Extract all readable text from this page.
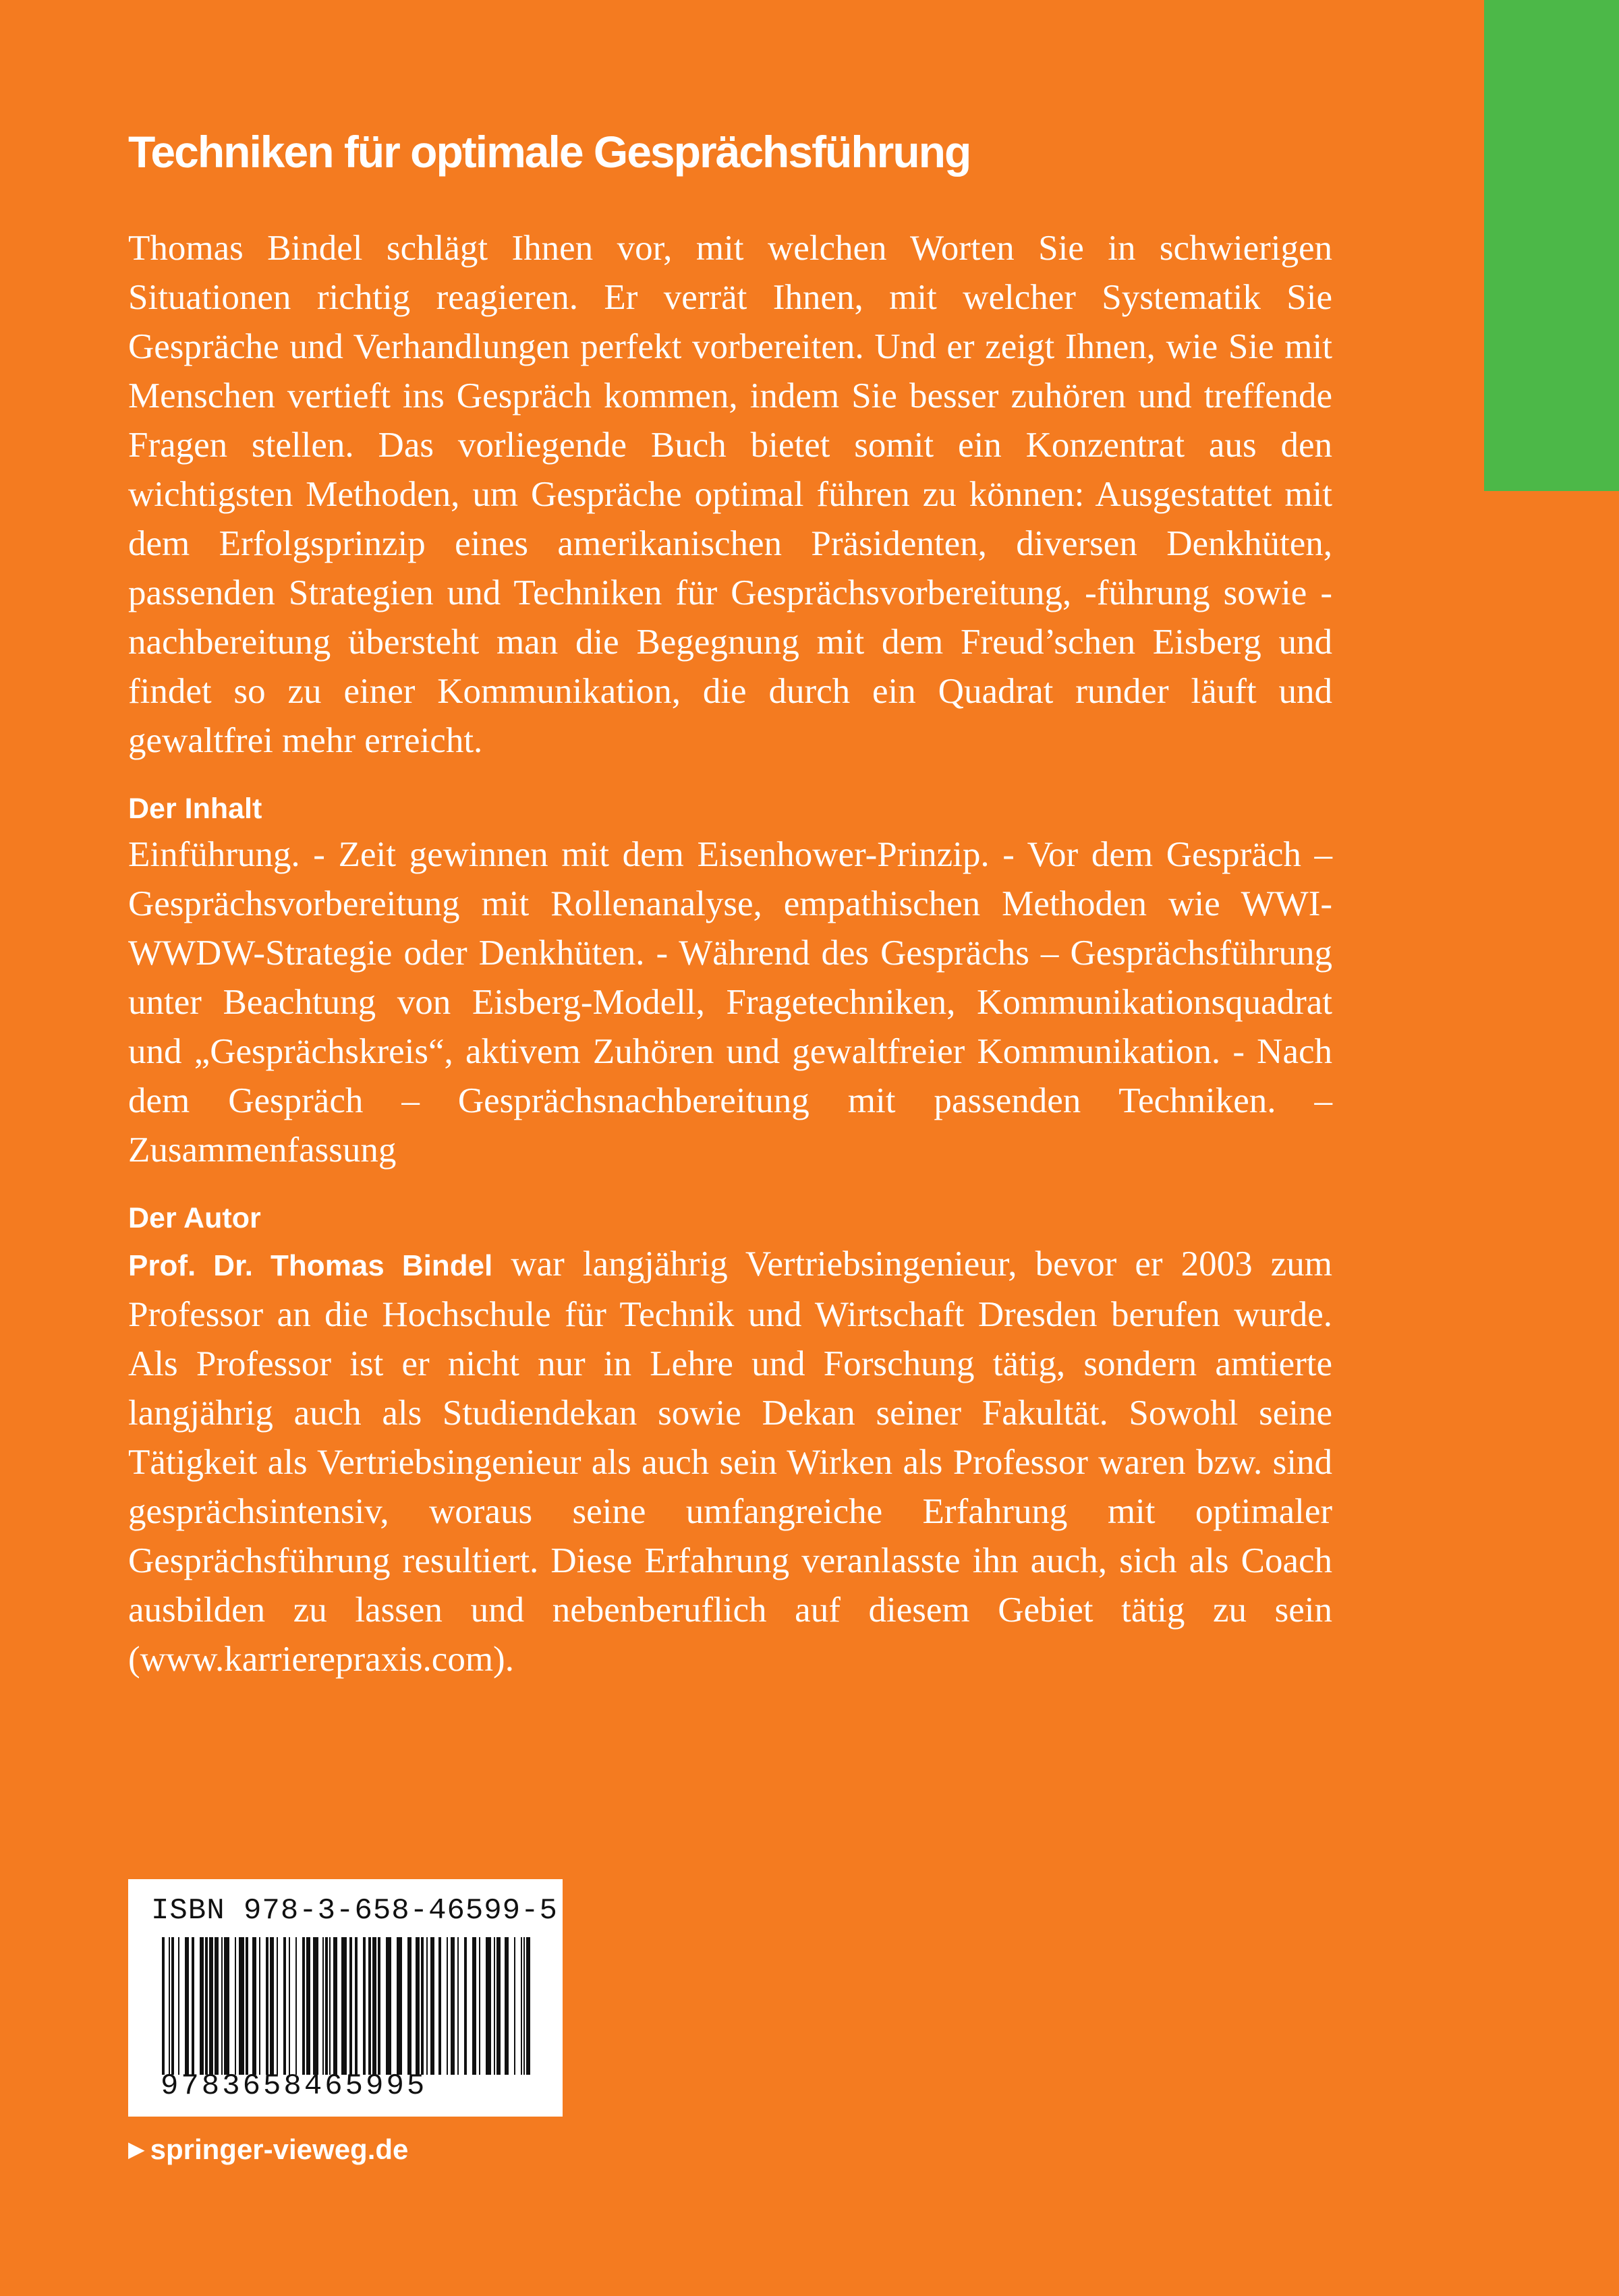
Techniken für optimale Gesprächsführung

Thomas Bindel schlägt Ihnen vor, mit welchen Worten Sie in schwierigen Situationen richtig reagieren. Er verrät Ihnen, mit welcher Systematik Sie Gespräche und Verhandlungen perfekt vorbereiten. Und er zeigt Ihnen, wie Sie mit Menschen vertieft ins Gespräch kommen, indem Sie besser zuhören und treffende Fragen stellen. Das vorliegende Buch bietet somit ein Konzentrat aus den wichtigsten Methoden, um Gespräche optimal führen zu können: Ausgestattet mit dem Erfolgsprinzip eines amerikanischen Präsidenten, diversen Denkhüten, passenden Strategien und Techniken für Gesprächsvorbereitung, -führung sowie -nachbereitung übersteht man die Begegnung mit dem Freud’schen Eisberg und findet so zu einer Kommunikation, die durch ein Quadrat runder läuft und gewaltfrei mehr erreicht.

Der Inhalt

Einführung. - Zeit gewinnen mit dem Eisenhower-Prinzip. - Vor dem Gespräch – Gesprächsvorbereitung mit Rollenanalyse, empathischen Methoden wie WWI-WWDW-Strategie oder Denkhüten. - Während des Gesprächs – Gesprächsführung unter Beachtung von Eisberg-Modell, Fragetechniken, Kommunikationsquadrat und „Gesprächskreis“, aktivem Zuhören und gewaltfreier Kommunikation. - Nach dem Gespräch – Gesprächsnachbereitung mit passenden Techniken. – Zusammenfassung

Der Autor

Prof. Dr. Thomas Bindel war langjährig Vertriebsingenieur, bevor er 2003 zum Professor an die Hochschule für Technik und Wirtschaft Dresden berufen wurde. Als Professor ist er nicht nur in Lehre und Forschung tätig, sondern amtierte langjährig auch als Studiendekan sowie Dekan seiner Fakultät. Sowohl seine Tätigkeit als Vertriebsingenieur als auch sein Wirken als Professor waren bzw. sind gesprächsintensiv, woraus seine umfangreiche Erfahrung mit optimaler Gesprächsführung resultiert. Diese Erfahrung veranlasste ihn auch, sich als Coach ausbilden zu lassen und nebenberuflich auf diesem Gebiet tätig zu sein (www.karrierepraxis.com).

ISBN 978-3-658-46599-5
9783658465995
▶ springer-vieweg.de
